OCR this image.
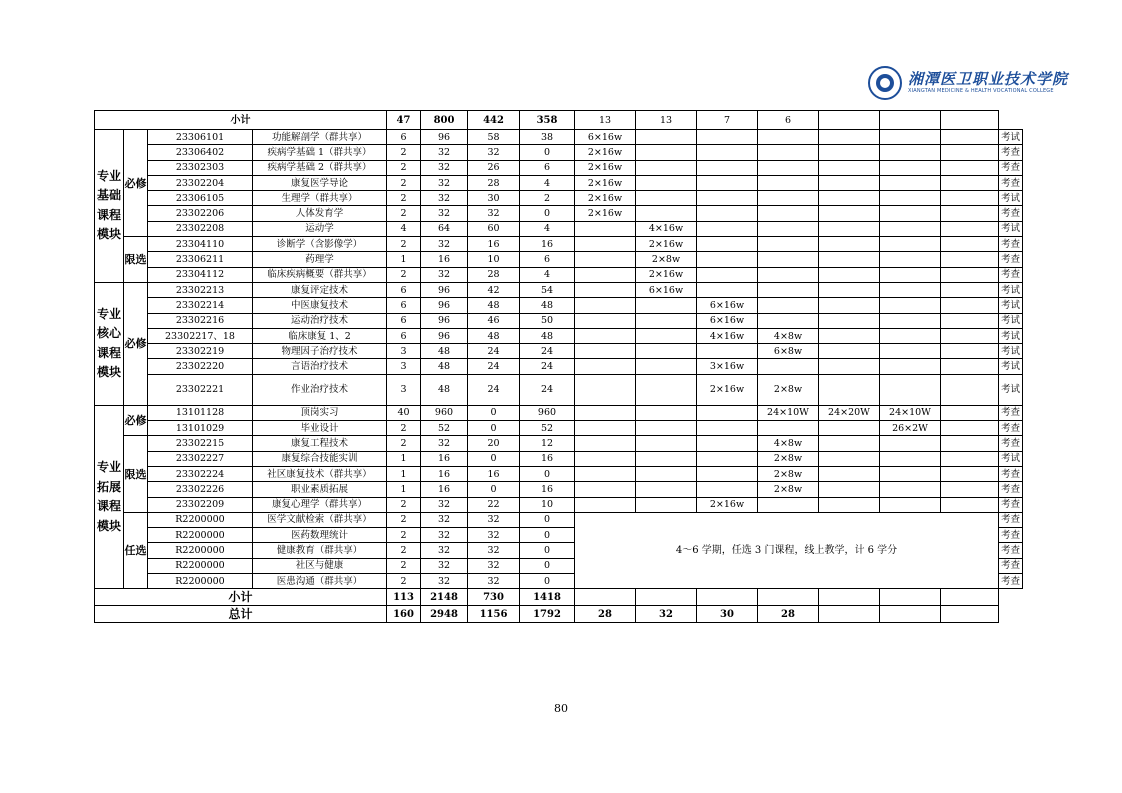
湘潭医卫职业技术学院
XIANGTAN MEDICINE & HEALTH VOCATIONAL COLLEGE
小计				47	800	442	358	13	13	7	6				
专业基础课程模块	必修	23306101	功能解剖学（群共享）	6	96	58	38	6×16w							考试
		23306402	疾病学基础 1（群共享）	2	32	32	0	2×16w							考查
		23302303	疾病学基础 2（群共享）	2	32	26	6	2×16w							考查
		23302204	康复医学导论	2	32	28	4	2×16w							考查
		23306105	生理学（群共享）	2	32	30	2	2×16w							考试
		23302206	人体发育学	2	32	32	0	2×16w							考查
		23302208	运动学	4	64	60	4		4×16w						考试
	限选	23304110	诊断学（含影像学）	2	32	16	16		2×16w						考查
		23306211	药理学	1	16	10	6		2×8w						考查
		23304112	临床疾病概要（群共享）	2	32	28	4		2×16w						考查
专业核心课程模块	必修	23302213	康复评定技术	6	96	42	54		6×16w						考试
		23302214	中医康复技术	6	96	48	48			6×16w					考试
		23302216	运动治疗技术	6	96	46	50			6×16w					考试
		23302217、18	临床康复 1、2	6	96	48	48			4×16w	4×8w				考试
		23302219	物理因子治疗技术	3	48	24	24				6×8w				考试
		23302220	言语治疗技术	3	48	24	24			3×16w					考试
		23302221	作业治疗技术	3	48	24	24			2×16w	2×8w				考试
专业拓展课程模块	必修	13101128	顶岗实习	40	960	0	960				24×10W	24×20W	24×10W		考查
		13101029	毕业设计	2	52	0	52						26×2W		考查
	限选	23302215	康复工程技术	2	32	20	12				4×8w				考查
		23302227	康复综合技能实训	1	16	0	16				2×8w				考试
		23302224	社区康复技术（群共享）	1	16	16	0				2×8w				考查
		23302226	职业素质拓展	1	16	0	16				2×8w				考查
		23302209	康复心理学（群共享）	2	32	22	10			2×16w					考查
	任选	R2200000	医学文献检索（群共享）	2	32	32	0	4～6 学期，任选 3 门课程，线上教学，计 6 学分							考查
		R2200000	医药数理统计	2	32	32	0								考查
		R2200000	健康教育（群共享）	2	32	32	0								考查
		R2200000	社区与健康	2	32	32	0								考查
		R2200000	医患沟通（群共享）	2	32	32	0								考查
小计				113	2148	730	1418								
总计				160	2948	1156	1792	28	32	30	28				
80
